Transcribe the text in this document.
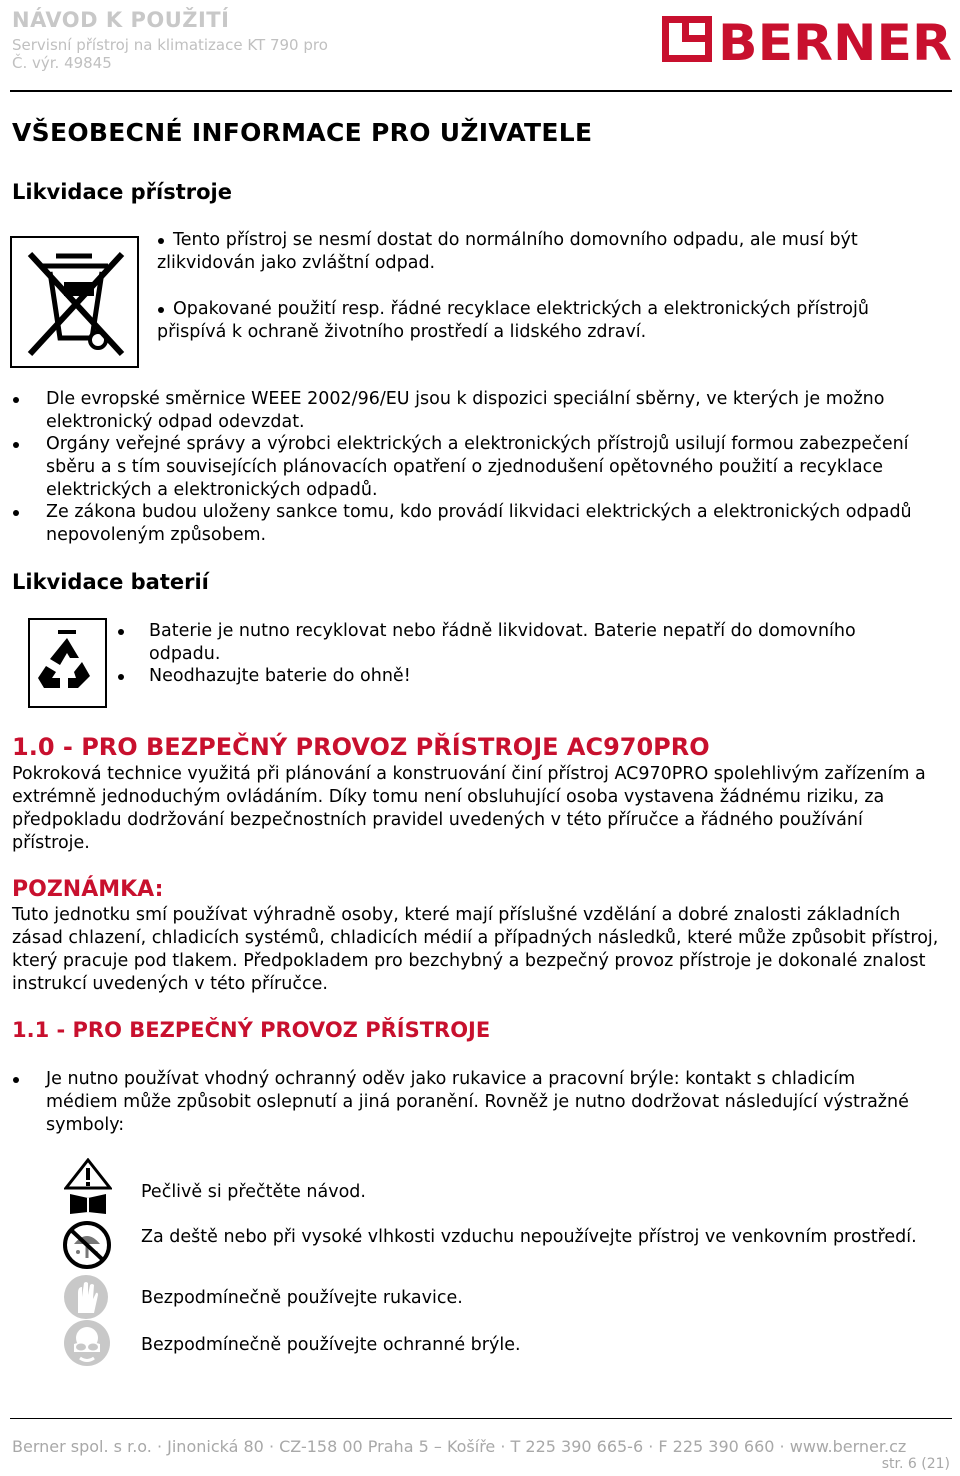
NÁVOD K POUŽITÍ
Servisní přístroj na klimatizace KT 790 pro
Č. výr. 49845	BERNER
VŠEOBECNÉ INFORMACE PRO UŽIVATELE
Likvidace přístroje
Tento přístroj se nesmí dostat do normálního domovního odpadu, ale musí být zlikvidován jako zvláštní odpad.
Opakované použití resp. řádné recyklace elektrických a elektronických přístrojů přispívá k ochraně životního prostředí a lidského zdraví.
Dle evropské směrnice WEEE 2002/96/EU jsou k dispozici speciální sběrny, ve kterých je možno elektronický odpad odevzdat.
Orgány veřejné správy a výrobci elektrických a elektronických přístrojů usilují formou zabezpečení sběru a s tím souvisejících plánovacích opatření o zjednodušení opětovného použití a recyklace elektrických a elektronických odpadů.
Ze zákona budou uloženy sankce tomu, kdo provádí likvidaci elektrických a elektronických odpadů nepovoleným způsobem.
Likvidace baterií
Baterie je nutno recyklovat nebo řádně likvidovat. Baterie nepatří do domovního odpadu.
Neodhazujte baterie do ohně!
1.0 - PRO BEZPEČNÝ PROVOZ PŘÍSTROJE AC970PRO
Pokroková technice využitá při plánování a konstruování činí přístroj AC970PRO spolehlivým zařízením a extrémně jednoduchým ovládáním. Díky tomu není obsluhující osoba vystavena žádnému riziku, za předpokladu dodržování bezpečnostních pravidel uvedených v této příručce a řádného používání přístroje.
POZNÁMKA:
Tuto jednotku smí používat výhradně osoby, které mají příslušné vzdělání a dobré znalosti základních zásad chlazení, chladicích systémů, chladicích médií a případných následků, které může způsobit přístroj, který pracuje pod tlakem. Předpokladem pro bezchybný a bezpečný provoz přístroje je dokonalé znalost instrukcí uvedených v této příručce.
1.1 - PRO BEZPEČNÝ PROVOZ PŘÍSTROJE
Je nutno používat vhodný ochranný oděv jako rukavice a pracovní brýle: kontakt s chladicím médiem může způsobit oslepnutí a jiná poranění. Rovněž je nutno dodržovat následující výstražné symboly:
Pečlivě si přečtěte návod.
Za deště nebo při vysoké vlhkosti vzduchu nepoužívejte přístroj ve venkovním prostředí.
Bezpodmínečně používejte rukavice.
Bezpodmínečně používejte ochranné brýle.
Berner spol. s r.o. · Jinonická 80 · CZ-158 00 Praha 5 – Košíře · T 225 390 665-6 · F 225 390 660 · www.berner.cz
str. 6 (21)
